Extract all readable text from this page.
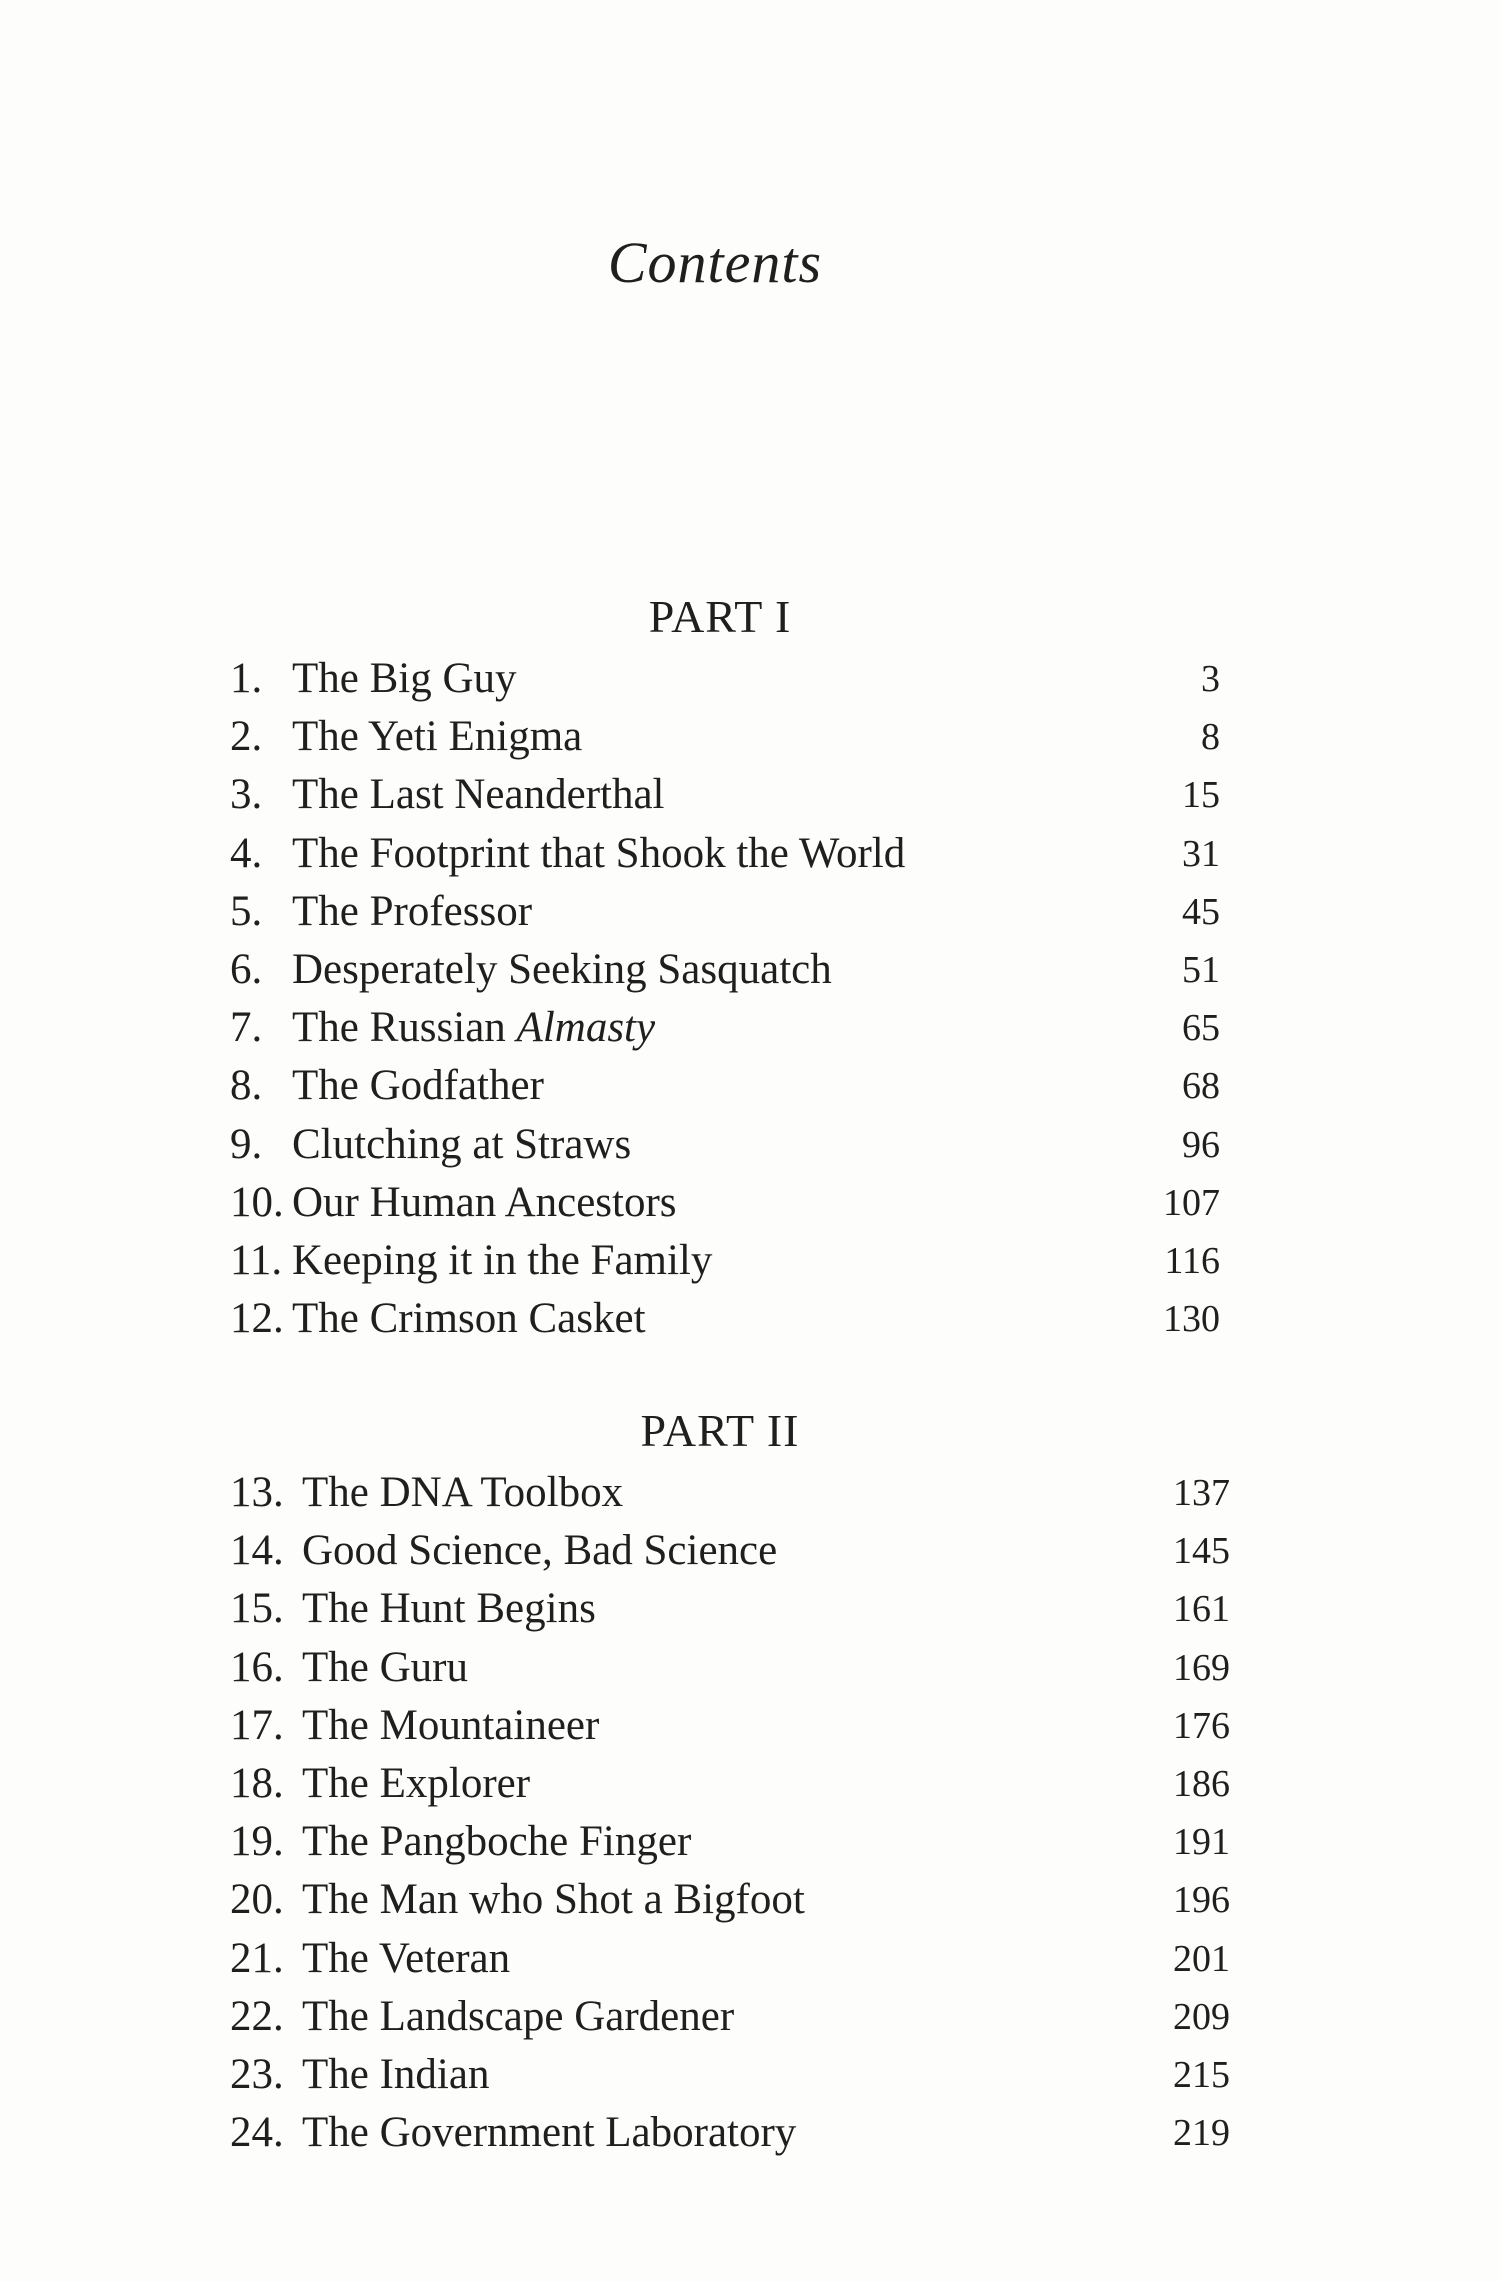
Contents
PART I
1. The Big Guy	3
2. The Yeti Enigma	8
3. The Last Neanderthal	15
4. The Footprint that Shook the World	31
5. The Professor	45
6. Desperately Seeking Sasquatch	51
7. The Russian Almasty	65
8. The Godfather	68
9. Clutching at Straws	96
10. Our Human Ancestors	107
11. Keeping it in the Family	116
12. The Crimson Casket	130
PART II
13. The DNA Toolbox	137
14. Good Science, Bad Science	145
15. The Hunt Begins	161
16. The Guru	169
17. The Mountaineer	176
18. The Explorer	186
19. The Pangboche Finger	191
20. The Man who Shot a Bigfoot	196
21. The Veteran	201
22. The Landscape Gardener	209
23. The Indian	215
24. The Government Laboratory	219
